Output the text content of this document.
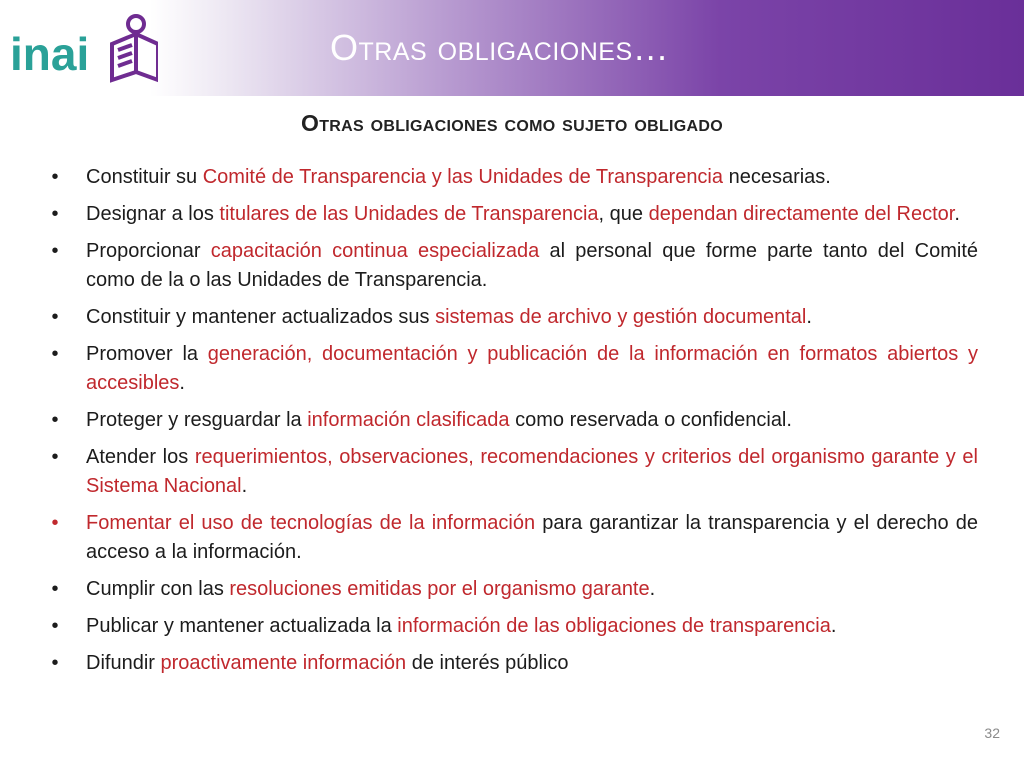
inai	Otras obligaciones…
Otras obligaciones como sujeto obligado
• Constituir su Comité de Transparencia y las Unidades de Transparencia necesarias.
• Designar a los titulares de las Unidades de Transparencia, que dependan directamente del Rector.
• Proporcionar capacitación continua especializada al personal que forme parte tanto del Comité como de la o las Unidades de Transparencia.
• Constituir y mantener actualizados sus sistemas de archivo y gestión documental.
• Promover la generación, documentación y publicación de la información en formatos abiertos y accesibles.
• Proteger y resguardar la información clasificada como reservada o confidencial.
• Atender los requerimientos, observaciones, recomendaciones y criterios del organismo garante y el Sistema Nacional.
• Fomentar el uso de tecnologías de la información para garantizar la transparencia y el derecho de acceso a la información.
• Cumplir con las resoluciones emitidas por el organismo garante.
• Publicar y mantener actualizada la información de las obligaciones de transparencia.
• Difundir proactivamente información de interés público
32
